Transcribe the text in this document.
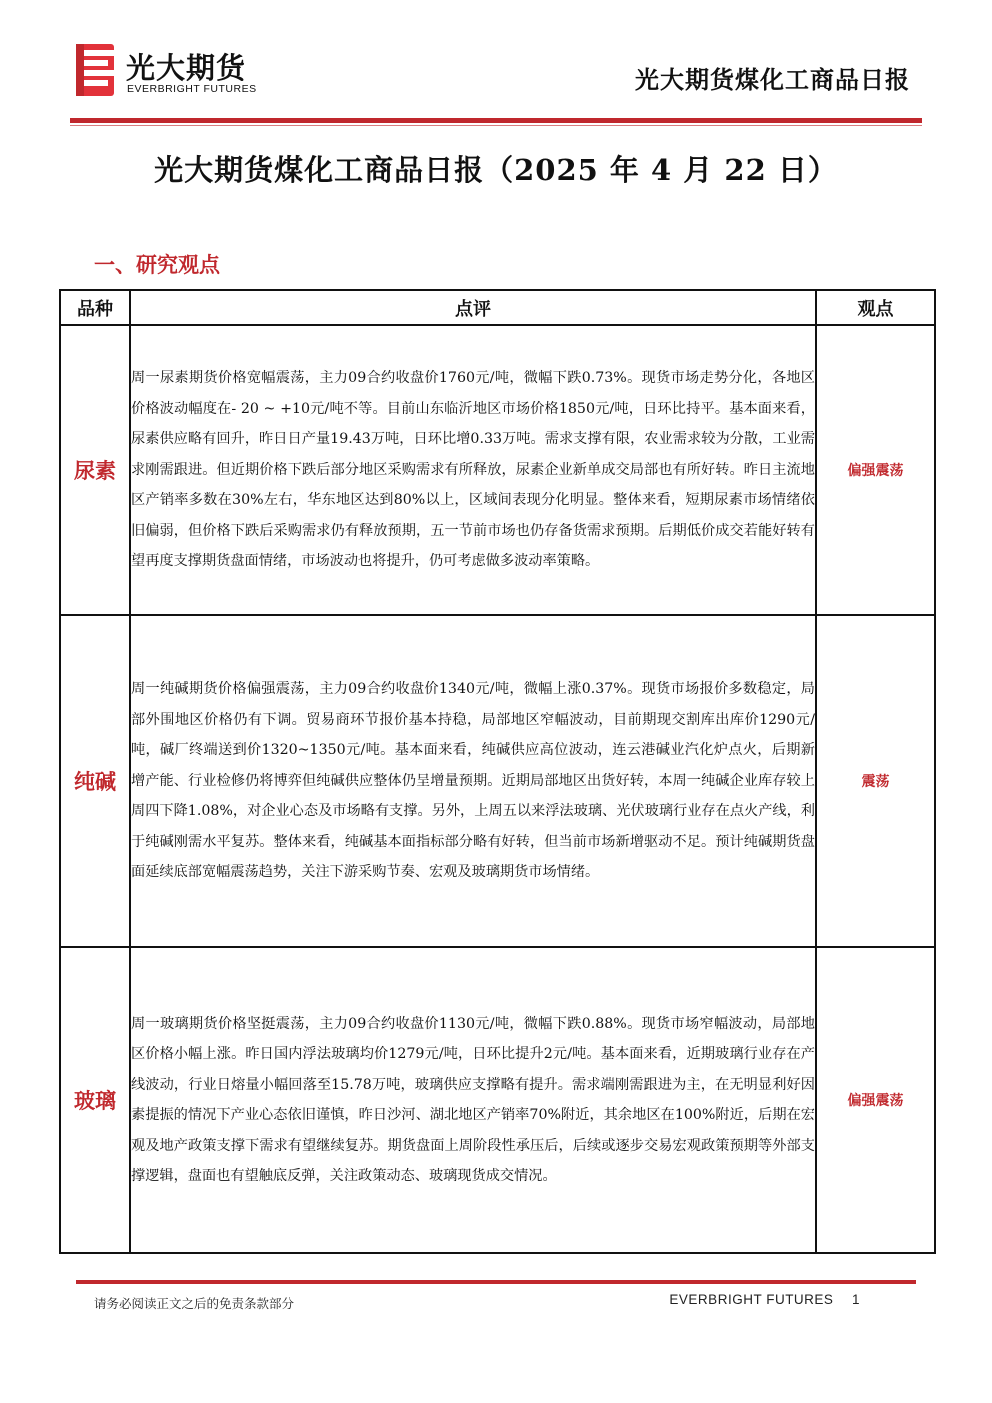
光大期货
EVERBRIGHT FUTURES	光大期货煤化工商品日报
光大期货煤化工商品日报（2025 年 4 月 22 日）
一、研究观点
品种	点评	观点
尿素	周一尿素期货价格宽幅震荡，主力09合约收盘价1760元/吨，微幅下跌0.73%。现货市场走势分化，各地区价格波动幅度在- 20 ~ +10元/吨不等。目前山东临沂地区市场价格1850元/吨，日环比持平。基本面来看，尿素供应略有回升，昨日日产量19.43万吨，日环比增0.33万吨。需求支撑有限，农业需求较为分散，工业需求刚需跟进。但近期价格下跌后部分地区采购需求有所释放，尿素企业新单成交局部也有所好转。昨日主流地区产销率多数在30%左右，华东地区达到80%以上，区域间表现分化明显。整体来看，短期尿素市场情绪依旧偏弱，但价格下跌后采购需求仍有释放预期，五一节前市场也仍存备货需求预期。后期低价成交若能好转有望再度支撑期货盘面情绪，市场波动也将提升，仍可考虑做多波动率策略。	偏强震荡
纯碱	周一纯碱期货价格偏强震荡，主力09合约收盘价1340元/吨，微幅上涨0.37%。现货市场报价多数稳定，局部外围地区价格仍有下调。贸易商环节报价基本持稳，局部地区窄幅波动，目前期现交割库出库价1290元/吨，碱厂终端送到价1320~1350元/吨。基本面来看，纯碱供应高位波动，连云港碱业汽化炉点火，后期新增产能、行业检修仍将博弈但纯碱供应整体仍呈增量预期。近期局部地区出货好转，本周一纯碱企业库存较上周四下降1.08%，对企业心态及市场略有支撑。另外，上周五以来浮法玻璃、光伏玻璃行业存在点火产线，利于纯碱刚需水平复苏。整体来看，纯碱基本面指标部分略有好转，但当前市场新增驱动不足。预计纯碱期货盘面延续底部宽幅震荡趋势，关注下游采购节奏、宏观及玻璃期货市场情绪。	震荡
玻璃	周一玻璃期货价格坚挺震荡，主力09合约收盘价1130元/吨，微幅下跌0.88%。现货市场窄幅波动，局部地区价格小幅上涨。昨日国内浮法玻璃均价1279元/吨，日环比提升2元/吨。基本面来看，近期玻璃行业存在产线波动，行业日熔量小幅回落至15.78万吨，玻璃供应支撑略有提升。需求端刚需跟进为主，在无明显利好因素提振的情况下产业心态依旧谨慎，昨日沙河、湖北地区产销率70%附近，其余地区在100%附近，后期在宏观及地产政策支撑下需求有望继续复苏。期货盘面上周阶段性承压后，后续或逐步交易宏观政策预期等外部支撑逻辑，盘面也有望触底反弹，关注政策动态、玻璃现货成交情况。	偏强震荡
请务必阅读正文之后的免责条款部分	EVERBRIGHT FUTURES 1
